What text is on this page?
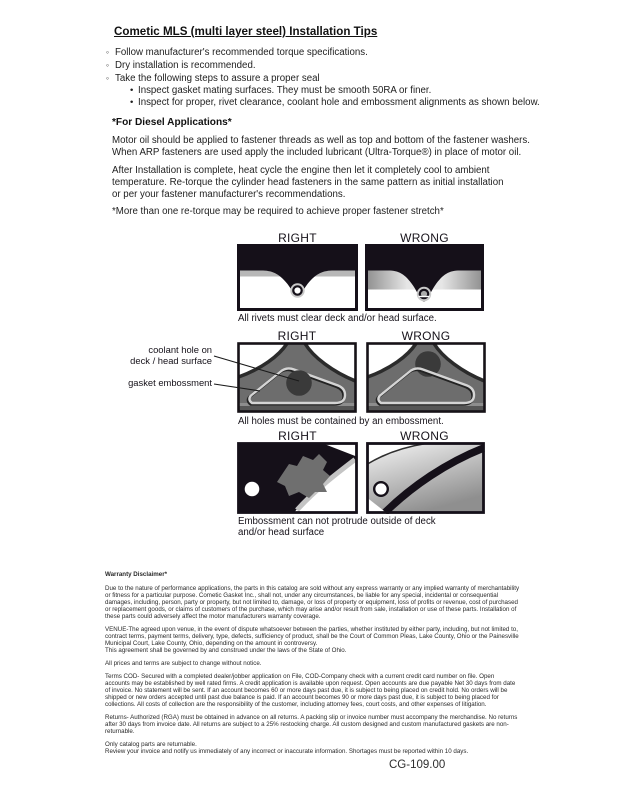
Cometic MLS (multi layer steel) Installation Tips
◦ Follow manufacturer's recommended torque specifications.
◦ Dry installation is recommended.
◦ Take the following steps to assure a proper seal
• Inspect gasket mating surfaces. They must be smooth 50RA or finer.
• Inspect for proper, rivet clearance, coolant hole and embossment alignments as shown below.
*For Diesel Applications*
Motor oil should be applied to fastener threads as well as top and bottom of the fastener washers.
When ARP fasteners are used apply the included lubricant (Ultra-Torque®) in place of motor oil.
After Installation is complete, heat cycle the engine then let it completely cool to ambient
temperature. Re-torque the cylinder head fasteners in the same pattern as initial installation
or per your fastener manufacturer's recommendations.
*More than one re-torque may be required to achieve proper fastener stretch*
RIGHT	WRONG
All rivets must clear deck and/or head surface.
RIGHT	WRONG
coolant hole on
deck / head surface
gasket embossment
All holes must be contained by an embossment.
RIGHT	WRONG
Embossment can not protrude outside of deck
and/or head surface
Warranty Disclaimer*

Due to the nature of performance applications, the parts in this catalog are sold without any express warranty or any implied warranty of merchantability or fitness for a particular purpose. Cometic Gasket Inc., shall not, under any circumstances, be liable for any special, incidental or consequential damages, including, person, party or property, but not limited to, damage, or loss of property or equipment, loss of profits or revenue, cost of purchased or replacement goods, or claims of customers of the purchase, which may arise and/or result from sale, installation or use of these parts. Installation of these parts could adversely affect the motor manufacturers warranty coverage.

VENUE-The agreed upon venue, in the event of dispute whatsoever between the parties, whether instituted by either party, including, but not limited to, contract terms, payment terms, delivery, type, defects, sufficiency of product, shall be the Court of Common Pleas, Lake County, Ohio or the Painesville Municipal Court, Lake County, Ohio, depending on the amount in controversy.
This agreement shall be governed by and construed under the laws of the State of Ohio.

All prices and terms are subject to change without notice.

Terms COD- Secured with a completed dealer/jobber application on File, COD-Company check with a current credit card number on file. Open accounts may be established by well rated firms. A credit application is available upon request. Open accounts are due payable Net 30 days from date of invoice. No statement will be sent. If an account becomes 60 or more days past due, it is subject to being placed on credit hold. No orders will be shipped or new orders accepted until past due balance is paid. If an account becomes 90 or more days past due, it is subject to being placed for collections. All costs of collection are the responsibility of the customer, including attorney fees, court costs, and other expenses of litigation.

Returns- Authorized (RGA) must be obtained in advance on all returns. A packing slip or invoice number must accompany the merchandise. No returns after 30 days from invoice date. All returns are subject to a 25% restocking charge. All custom designed and custom manufactured gaskets are non-returnable.

Only catalog parts are returnable.
Review your invoice and notify us immediately of any incorrect or inaccurate information. Shortages must be reported within 10 days.

CG-109.00
